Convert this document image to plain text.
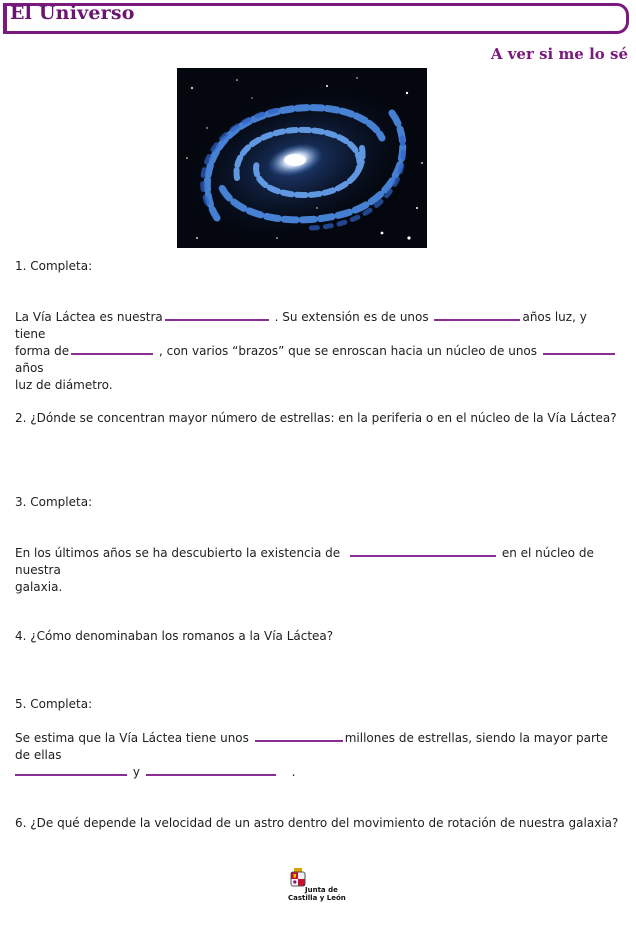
El Universo
A ver si me lo sé
1. Completa:
La Vía Láctea es nuestra	. Su extensión es de unos	años luz, y tiene
forma de	, con varios “brazos” que se enroscan hacia un núcleo de unos  años
luz de diámetro.
2. ¿Dónde se concentran mayor número de estrellas: en la periferia o en el núcleo de la Vía Láctea?
3. Completa:
En los últimos años se ha descubierto la existencia de	en el núcleo de nuestra
galaxia.
4. ¿Cómo denominaban los romanos a la Vía Láctea?
5. Completa:
Se estima que la Vía Láctea tiene unos	millones de estrellas, siendo la mayor parte de ellas
y	.
6. ¿De qué depende la velocidad de un astro dentro del movimiento de rotación de nuestra galaxia?
Junta de
Castilla y León
